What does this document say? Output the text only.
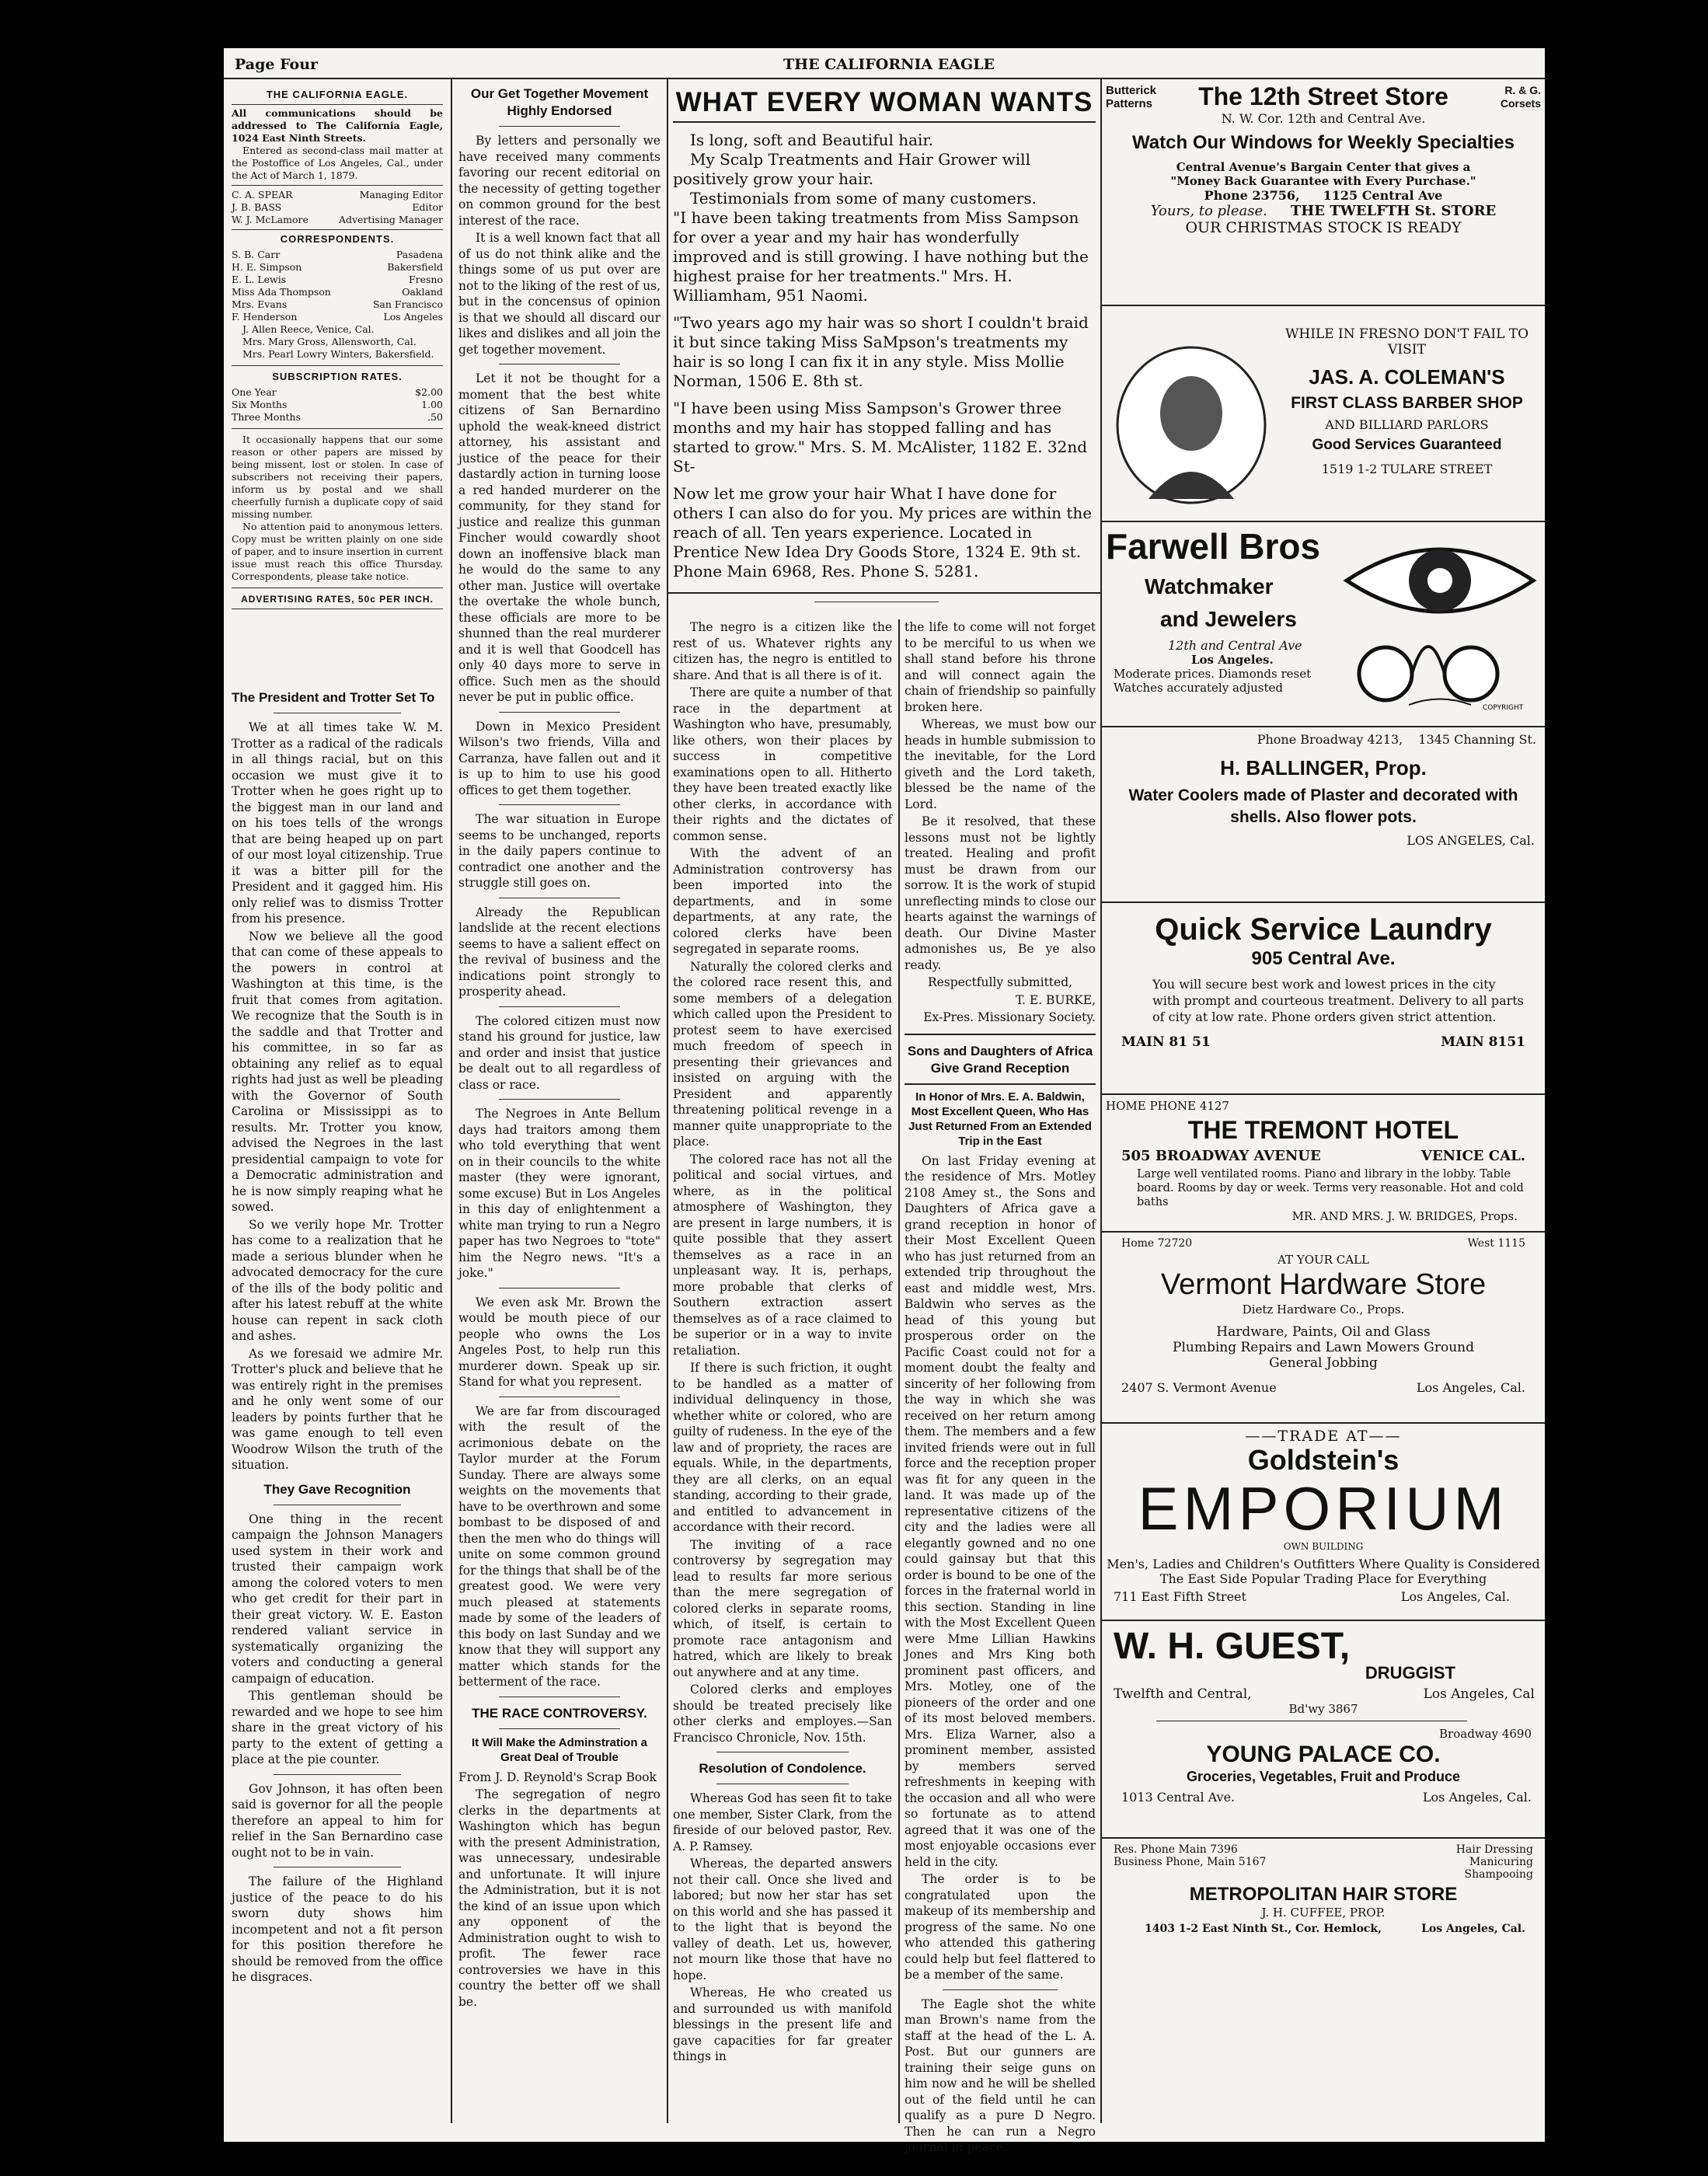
Page Four	THE CALIFORNIA EAGLE
THE CALIFORNIA EAGLE.
All communications should be addressed to The California Eagle, 1024 East Ninth Streets.
Entered as second-class mail matter at the Postoffice of Los Angeles, Cal., under the Act of March 1, 1879.
C. A. SPEAR	Managing Editor
J. B. BASS	Editor
W. J. McLamore	Advertising Manager
CORRESPONDENTS.
S. B. Carr	Pasadena
H. E. Simpson	Bakersfield
E. L. Lewis	Fresno
Miss Ada Thompson	Oakland
Mrs. Evans	San Francisco
F. Henderson	Los Angeles
J. Allen Reece, Venice, Cal.
Mrs. Mary Gross, Allensworth, Cal.
Mrs. Pearl Lowry Winters, Bakersfield.
SUBSCRIPTION RATES.
One Year	$2.00
Six Months	1.00
Three Months	.50
It occasionally happens that our some reason or other papers are missed by being missent, lost or stolen. In case of subscribers not receiving their papers, inform us by postal and we shall cheerfully furnish a duplicate copy of said missing number.
No attention paid to anonymous letters. Copy must be written plainly on one side of paper, and to insure insertion in current issue must reach this office Thursday. Correspondents, please take notice.
ADVERTISING RATES, 50c PER INCH.
The President and Trotter Set To

We at all times take W. M. Trotter as a radical of the radicals in all things racial, but on this occasion we must give it to Trotter when he goes right up to the biggest man in our land and on his toes tells of the wrongs that are being heaped up on part of our most loyal citizenship. True it was a bitter pill for the President and it gagged him. His only relief was to dismiss Trotter from his presence.

Now we believe all the good that can come of these appeals to the powers in control at Washington at this time, is the fruit that comes from agitation. We recognize that the South is in the saddle and that Trotter and his committee, in so far as obtaining any relief as to equal rights had just as well be pleading with the Governor of South Carolina or Mississippi as to results. Mr. Trotter you know, advised the Negroes in the last presidential campaign to vote for a Democratic administration and he is now simply reaping what he sowed.

So we verily hope Mr. Trotter has come to a realization that he made a serious blunder when he advocated democracy for the cure of the ills of the body politic and after his latest rebuff at the white house can repent in sack cloth and ashes.

As we foresaid we admire Mr. Trotter's pluck and believe that he was entirely right in the premises and he only went some of our leaders by points further that he was game enough to tell even Woodrow Wilson the truth of the situation.

They Gave Recognition

One thing in the recent campaign the Johnson Managers used system in their work and trusted their campaign work among the colored voters to men who get credit for their part in their great victory. W. E. Easton rendered valiant service in systematically organizing the voters and conducting a general campaign of education.

This gentleman should be rewarded and we hope to see him share in the great victory of his party to the extent of getting a place at the pie counter.

Gov Johnson, it has often been said is governor for all the people therefore an appeal to him for relief in the San Bernardino case ought not to be in vain.

The failure of the Highland justice of the peace to do his sworn duty shows him incompetent and not a fit person for this position therefore he should be removed from the office he disgraces.

Our Get Together Movement Highly Endorsed

By letters and personally we have received many comments favoring our recent editorial on the necessity of getting together on common ground for the best interest of the race.

It is a well known fact that all of us do not think alike and the things some of us put over are not to the liking of the rest of us, but in the concensus of opinion is that we should all discard our likes and dislikes and all join the get together movement.

Let it not be thought for a moment that the best white citizens of San Bernardino uphold the weak-kneed district attorney, his assistant and justice of the peace for their dastardly action in turning loose a red handed murderer on the community, for they stand for justice and realize this gunman Fincher would cowardly shoot down an inoffensive black man he would do the same to any other man. Justice will overtake the overtake the whole bunch, these officials are more to be shunned than the real murderer and it is well that Goodcell has only 40 days more to serve in office. Such men as the should never be put in public office.

Down in Mexico President Wilson's two friends, Villa and Carranza, have fallen out and it is up to him to use his good offices to get them together.

The war situation in Europe seems to be unchanged, reports in the daily papers continue to contradict one another and the struggle still goes on.

Already the Republican landslide at the recent elections seems to have a salient effect on the revival of business and the indications point strongly to prosperity ahead.

The colored citizen must now stand his ground for justice, law and order and insist that justice be dealt out to all regardless of class or race.

The Negroes in Ante Bellum days had traitors among them who told everything that went on in their councils to the white master (they were ignorant, some excuse) But in Los Angeles in this day of enlightenment a white man trying to run a Negro paper has two Negroes to "tote" him the Negro news. "It's a joke."

We even ask Mr. Brown the would be mouth piece of our people who owns the Los Angeles Post, to help run this murderer down. Speak up sir. Stand for what you represent.

We are far from discouraged with the result of the acrimonious debate on the Taylor murder at the Forum Sunday. There are always some weights on the movements that have to be overthrown and some bombast to be disposed of and then the men who do things will unite on some common ground for the things that shall be of the greatest good. We were very much pleased at statements made by some of the leaders of this body on last Sunday and we know that they will support any matter which stands for the betterment of the race.

THE RACE CONTROVERSY.
It Will Make the Adminstration a Great Deal of Trouble

From J. D. Reynold's Scrap Book

The segregation of negro clerks in the departments at Washington which has begun with the present Administration, was unnecessary, undesirable and unfortunate. It will injure the Administration, but it is not the kind of an issue upon which any opponent of the Administration ought to wish to profit. The fewer race controversies we have in this country the better off we shall be.

WHAT EVERY WOMAN WANTS
Is long, soft and Beautiful hair.
My Scalp Treatments and Hair Grower will positively grow your hair.
Testimonials from some of many customers.

"I have been taking treatments from Miss Sampson for over a year and my hair has wonderfully improved and is still growing. I have nothing but the highest praise for her treatments." Mrs. H. Williamham, 951 Naomi.

"Two years ago my hair was so short I couldn't braid it but since taking Miss SaMpson's treatments my hair is so long I can fix it in any style. Miss Mollie Norman, 1506 E. 8th st.

"I have been using Miss Sampson's Grower three months and my hair has stopped falling and has started to grow." Mrs. S. M. McAlister, 1182 E. 32nd St-

Now let me grow your hair What I have done for others I can also do for you. My prices are within the reach of all. Ten years experience. Located in Prentice New Idea Dry Goods Store, 1324 E. 9th st. Phone Main 6968, Res. Phone S. 5281.

The negro is a citizen like the rest of us. Whatever rights any citizen has, the negro is entitled to share. And that is all there is of it.

There are quite a number of that race in the department at Washington who have, presumably, like others, won their places by success in competitive examinations open to all. Hitherto they have been treated exactly like other clerks, in accordance with their rights and the dictates of common sense.

With the advent of an Administration controversy has been imported into the departments, and in some departments, at any rate, the colored clerks have been segregated in separate rooms.

Naturally the colored clerks and the colored race resent this, and some members of a delegation which called upon the President to protest seem to have exercised much freedom of speech in presenting their grievances and insisted on arguing with the President and apparently threatening political revenge in a manner quite unappropriate to the place.

The colored race has not all the political and social virtues, and where, as in the political atmosphere of Washington, they are present in large numbers, it is quite possible that they assert themselves as a race in an unpleasant way. It is, perhaps, more probable that clerks of Southern extraction assert themselves as of a race claimed to be superior or in a way to invite retaliation.

If there is such friction, it ought to be handled as a matter of individual delinquency in those, whether white or colored, who are guilty of rudeness. In the eye of the law and of propriety, the races are equals. While, in the departments, they are all clerks, on an equal standing, according to their grade, and entitled to advancement in accordance with their record.

The inviting of a race controversy by segregation may lead to results far more serious than the mere segregation of colored clerks in separate rooms, which, of itself, is certain to promote race antagonism and hatred, which are likely to break out anywhere and at any time.

Colored clerks and employes should be treated precisely like other clerks and employes.—San Francisco Chronicle, Nov. 15th.

Resolution of Condolence.

Whereas God has seen fit to take one member, Sister Clark, from the fireside of our beloved pastor, Rev. A. P. Ramsey.

Whereas, the departed answers not their call. Once she lived and labored; but now her star has set on this world and she has passed it to the light that is beyond the valley of death. Let us, however, not mourn like those that have no hope.

Whereas, He who created us and surrounded us with manifold blessings in the present life and gave capacities for far greater things in

the life to come will not forget to be merciful to us when we shall stand before his throne and will connect again the chain of friendship so painfully broken here.

Whereas, we must bow our heads in humble submission to the inevitable, for the Lord giveth and the Lord taketh, blessed be the name of the Lord.

Be it resolved, that these lessons must not be lightly treated. Healing and profit must be drawn from our sorrow. It is the work of stupid unreflecting minds to close our hearts against the warnings of death. Our Divine Master admonishes us, Be ye also ready.

Respectfully submitted,

T. E. BURKE,

Ex-Pres. Missionary Society.

Sons and Daughters of Africa Give Grand Reception
In Honor of Mrs. E. A. Baldwin, Most Excellent Queen, Who Has Just Returned From an Extended Trip in the East

On last Friday evening at the residence of Mrs. Motley 2108 Amey st., the Sons and Daughters of Africa gave a grand reception in honor of their Most Excellent Queen who has just returned from an extended trip throughout the east and middle west, Mrs. Baldwin who serves as the head of this young but prosperous order on the Pacific Coast could not for a moment doubt the fealty and sincerity of her following from the way in which she was received on her return among them. The members and a few invited friends were out in full force and the reception proper was fit for any queen in the land. It was made up of the representative citizens of the city and the ladies were all elegantly gowned and no one could gainsay but that this order is bound to be one of the forces in the fraternal world in this section. Standing in line with the Most Excellent Queen were Mme Lillian Hawkins Jones and Mrs King both prominent past officers, and Mrs. Motley, one of the pioneers of the order and one of its most beloved members. Mrs. Eliza Warner, also a prominent member, assisted by members served refreshments in keeping with the occasion and all who were so fortunate as to attend agreed that it was one of the most enjoyable occasions ever held in the city.

The order is to be congratulated upon the makeup of its membership and progress of the same. No one who attended this gathering could help but feel flattered to be a member of the same.

The Eagle shot the white man Brown's name from the staff at the head of the L. A. Post. But our gunners are training their seige guns on him now and he will be shelled out of the field until he can qualify as a pure D Negro. Then he can run a Negro journal in peace.

Butterick Patterns	The 12th Street Store	R. & G. Corsets
N. W. Cor. 12th and Central Ave.
Watch Our Windows for Weekly Specialties
Central Avenue's Bargain Center that gives a
"Money Back Guarantee with Every Purchase."
Phone 23756, 1125 Central Ave
Yours, to please. THE TWELFTH St. STORE
OUR CHRISTMAS STOCK IS READY
WHILE IN FRESNO DON'T FAIL TO VISIT
JAS. A. COLEMAN'S
FIRST CLASS BARBER SHOP
AND BILLIARD PARLORS
Good Services Guaranteed
1519 1-2 TULARE STREET
Farwell Bros
Watchmaker
and Jewelers
12th and Central Ave
Los Angeles.
Moderate prices. Diamonds reset
Watches accurately adjusted
COPYRIGHT
Phone Broadway 4213, 1345 Channing St.
H. BALLINGER, Prop.
Water Coolers made of Plaster and decorated with shells. Also flower pots.
LOS ANGELES, Cal.
Quick Service Laundry
905 Central Ave.
You will secure best work and lowest prices in the city with prompt and courteous treatment. Delivery to all parts of city at low rate. Phone orders given strict attention.
MAIN 81 51	MAIN 8151
HOME PHONE 4127
THE TREMONT HOTEL
505 BROADWAY AVENUE	VENICE CAL.
Large well ventilated rooms. Piano and library in the lobby. Table board. Rooms by day or week. Terms very reasonable. Hot and cold baths
MR. AND MRS. J. W. BRIDGES, Props.
Home 72720	West 1115
AT YOUR CALL
Vermont Hardware Store
Dietz Hardware Co., Props.
Hardware, Paints, Oil and Glass
Plumbing Repairs and Lawn Mowers Ground
General Jobbing
2407 S. Vermont Avenue	Los Angeles, Cal.
——TRADE AT——
Goldstein's
EMPORIUM
OWN BUILDING
Men's, Ladies and Children's Outfitters Where Quality is Considered
The East Side Popular Trading Place for Everything
711 East Fifth Street	Los Angeles, Cal.
W. H. GUEST,
DRUGGIST
Twelfth and Central,	Los Angeles, Cal
Bd'wy 3867
Broadway 4690
YOUNG PALACE CO.
Groceries, Vegetables, Fruit and Produce
1013 Central Ave.	Los Angeles, Cal.
Res. Phone Main 7396
Business Phone, Main 5167
Hair Dressing
Manicuring
Shampooing
METROPOLITAN HAIR STORE
J. H. CUFFEE, PROP.
1403 1-2 East Ninth St., Cor. Hemlock,	Los Angeles, Cal.
